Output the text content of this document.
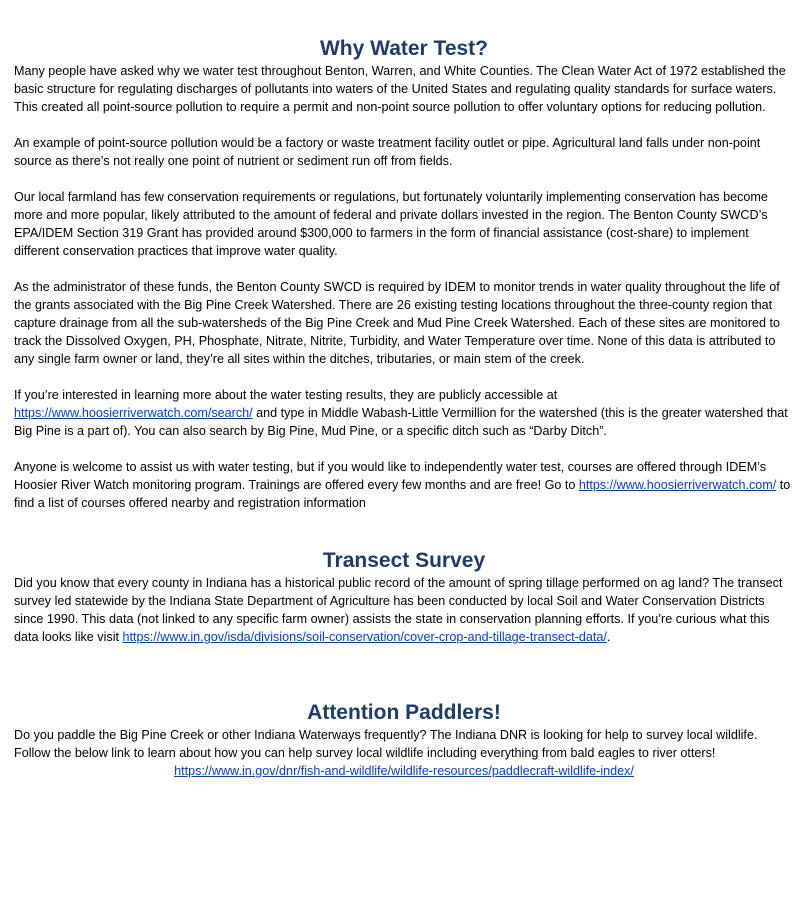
Why Water Test?

Many people have asked why we water test throughout Benton, Warren, and White Counties. The Clean Water Act of 1972 established the basic structure for regulating discharges of pollutants into waters of the United States and regulating quality standards for surface waters. This created all point-source pollution to require a permit and non-point source pollution to offer voluntary options for reducing pollution.

An example of point-source pollution would be a factory or waste treatment facility outlet or pipe. Agricultural land falls under non-point source as there’s not really one point of nutrient or sediment run off from fields.

Our local farmland has few conservation requirements or regulations, but fortunately voluntarily implementing conservation has become more and more popular, likely attributed to the amount of federal and private dollars invested in the region. The Benton County SWCD’s EPA/IDEM Section 319 Grant has provided around $300,000 to farmers in the form of financial assistance (cost-share) to implement different conservation practices that improve water quality.

As the administrator of these funds, the Benton County SWCD is required by IDEM to monitor trends in water quality throughout the life of the grants associated with the Big Pine Creek Watershed. There are 26 existing testing locations throughout the three-county region that capture drainage from all the sub-watersheds of the Big Pine Creek and Mud Pine Creek Watershed. Each of these sites are monitored to track the Dissolved Oxygen, PH, Phosphate, Nitrate, Nitrite, Turbidity, and Water Temperature over time. None of this data is attributed to any single farm owner or land, they’re all sites within the ditches, tributaries, or main stem of the creek.

If you’re interested in learning more about the water testing results, they are publicly accessible at https://www.hoosierriverwatch.com/search/ and type in Middle Wabash-Little Vermillion for the watershed (this is the greater watershed that Big Pine is a part of). You can also search by Big Pine, Mud Pine, or a specific ditch such as “Darby Ditch”.

Anyone is welcome to assist us with water testing, but if you would like to independently water test, courses are offered through IDEM’s Hoosier River Watch monitoring program. Trainings are offered every few months and are free! Go to https://www.hoosierriverwatch.com/ to find a list of courses offered nearby and registration information

Transect Survey

Did you know that every county in Indiana has a historical public record of the amount of spring tillage performed on ag land? The transect survey led statewide by the Indiana State Department of Agriculture has been conducted by local Soil and Water Conservation Districts since 1990. This data (not linked to any specific farm owner) assists the state in conservation planning efforts. If you’re curious what this data looks like visit https://www.in.gov/isda/divisions/soil-conservation/cover-crop-and-tillage-transect-data/.

Attention Paddlers!

Do you paddle the Big Pine Creek or other Indiana Waterways frequently? The Indiana DNR is looking for help to survey local wildlife. Follow the below link to learn about how you can help survey local wildlife including everything from bald eagles to river otters!

https://www.in.gov/dnr/fish-and-wildlife/wildlife-resources/paddlecraft-wildlife-index/
